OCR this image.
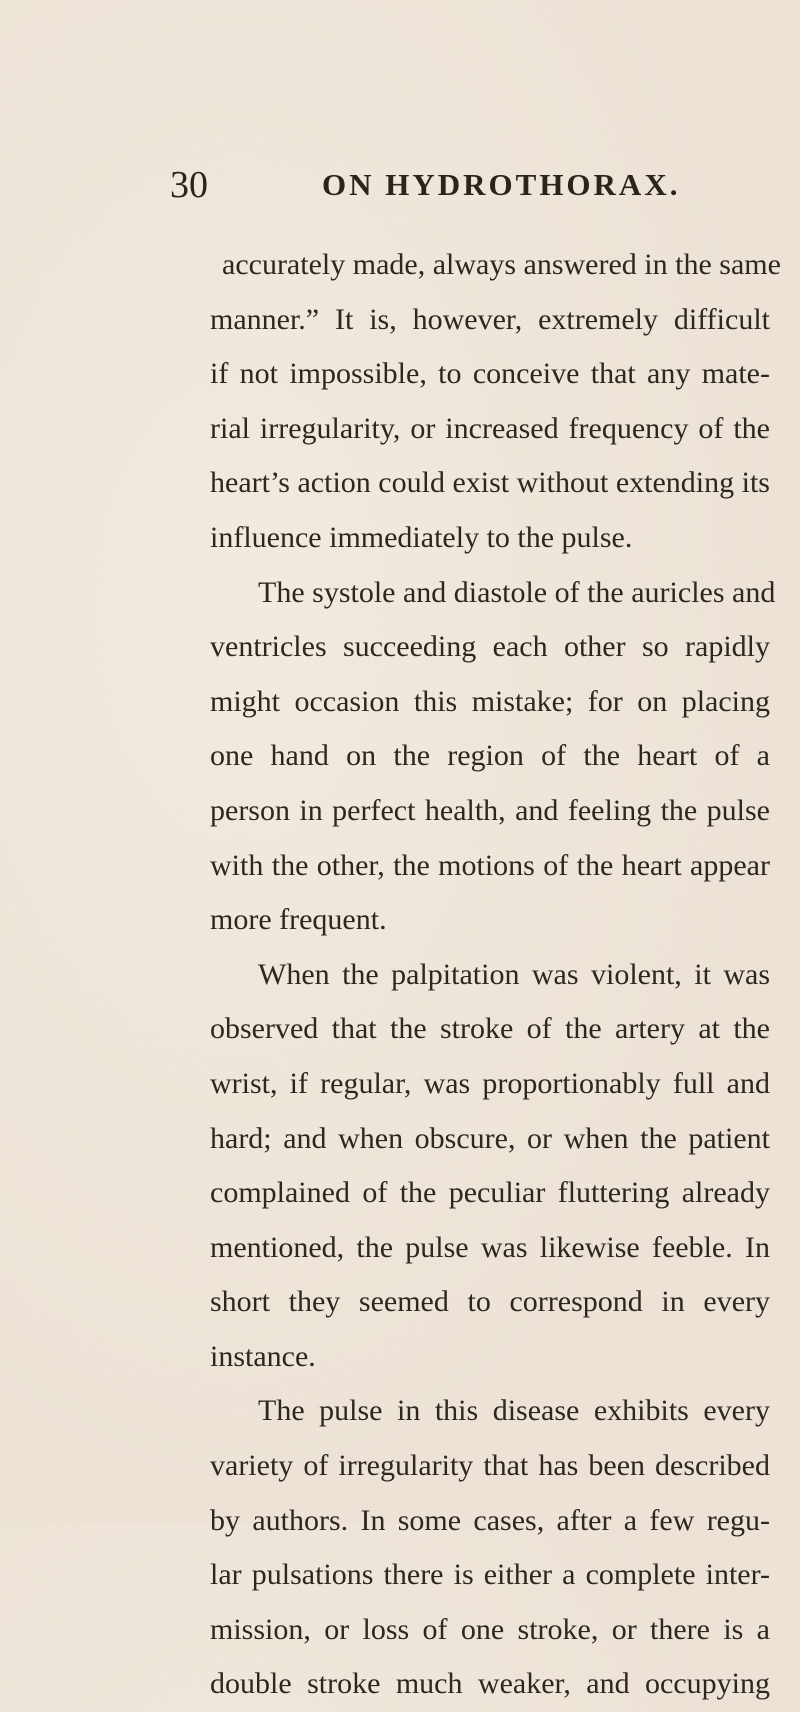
30	ON HYDROTHORAX.
accurately made, always answered in the same
manner.” It is, however, extremely difficult
if not impossible, to conceive that any mate-
rial irregularity, or increased frequency of the
heart’s action could exist without extending its
influence immediately to the pulse.
The systole and diastole of the auricles and
ventricles succeeding each other so rapidly
might occasion this mistake; for on placing
one hand on the region of the heart of a
person in perfect health, and feeling the pulse
with the other, the motions of the heart appear
more frequent.
When the palpitation was violent, it was
observed that the stroke of the artery at the
wrist, if regular, was proportionably full and
hard; and when obscure, or when the patient
complained of the peculiar fluttering already
mentioned, the pulse was likewise feeble. In
short they seemed to correspond in every
instance.
The pulse in this disease exhibits every
variety of irregularity that has been described
by authors. In some cases, after a few regu-
lar pulsations there is either a complete inter-
mission, or loss of one stroke, or there is a
double stroke much weaker, and occupying
